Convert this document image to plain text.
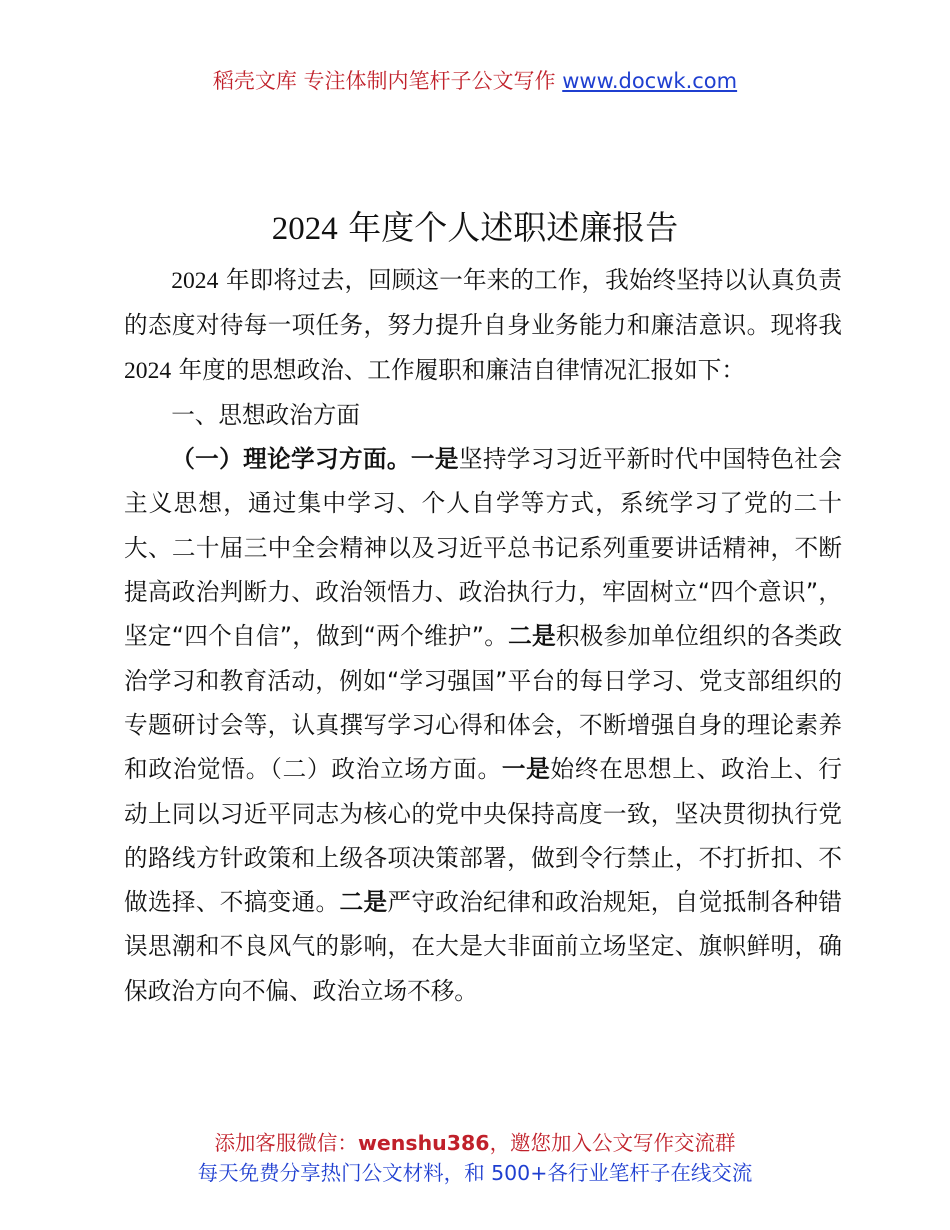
稻壳文库 专注体制内笔杆子公文写作 www.docwk.com
2024 年度个人述职述廉报告

2024 年即将过去，回顾这一年来的工作，我始终坚持以认真负责的态度对待每一项任务，努力提升自身业务能力和廉洁意识。现将我 2024 年度的思想政治、工作履职和廉洁自律情况汇报如下：

一、思想政治方面

（一）理论学习方面。一是坚持学习习近平新时代中国特色社会主义思想，通过集中学习、个人自学等方式，系统学习了党的二十大、二十届三中全会精神以及习近平总书记系列重要讲话精神，不断提高政治判断力、政治领悟力、政治执行力，牢固树立“四个意识”，坚定“四个自信”，做到“两个维护”。二是积极参加单位组织的各类政治学习和教育活动，例如“学习强国”平台的每日学习、党支部组织的专题研讨会等，认真撰写学习心得和体会，不断增强自身的理论素养和政治觉悟。（二）政治立场方面。一是始终在思想上、政治上、行动上同以习近平同志为核心的党中央保持高度一致，坚决贯彻执行党的路线方针政策和上级各项决策部署，做到令行禁止，不打折扣、不做选择、不搞变通。二是严守政治纪律和政治规矩，自觉抵制各种错误思潮和不良风气的影响，在大是大非面前立场坚定、旗帜鲜明，确保政治方向不偏、政治立场不移。

添加客服微信：wenshu386，邀您加入公文写作交流群
每天免费分享热门公文材料，和 500+各行业笔杆子在线交流
